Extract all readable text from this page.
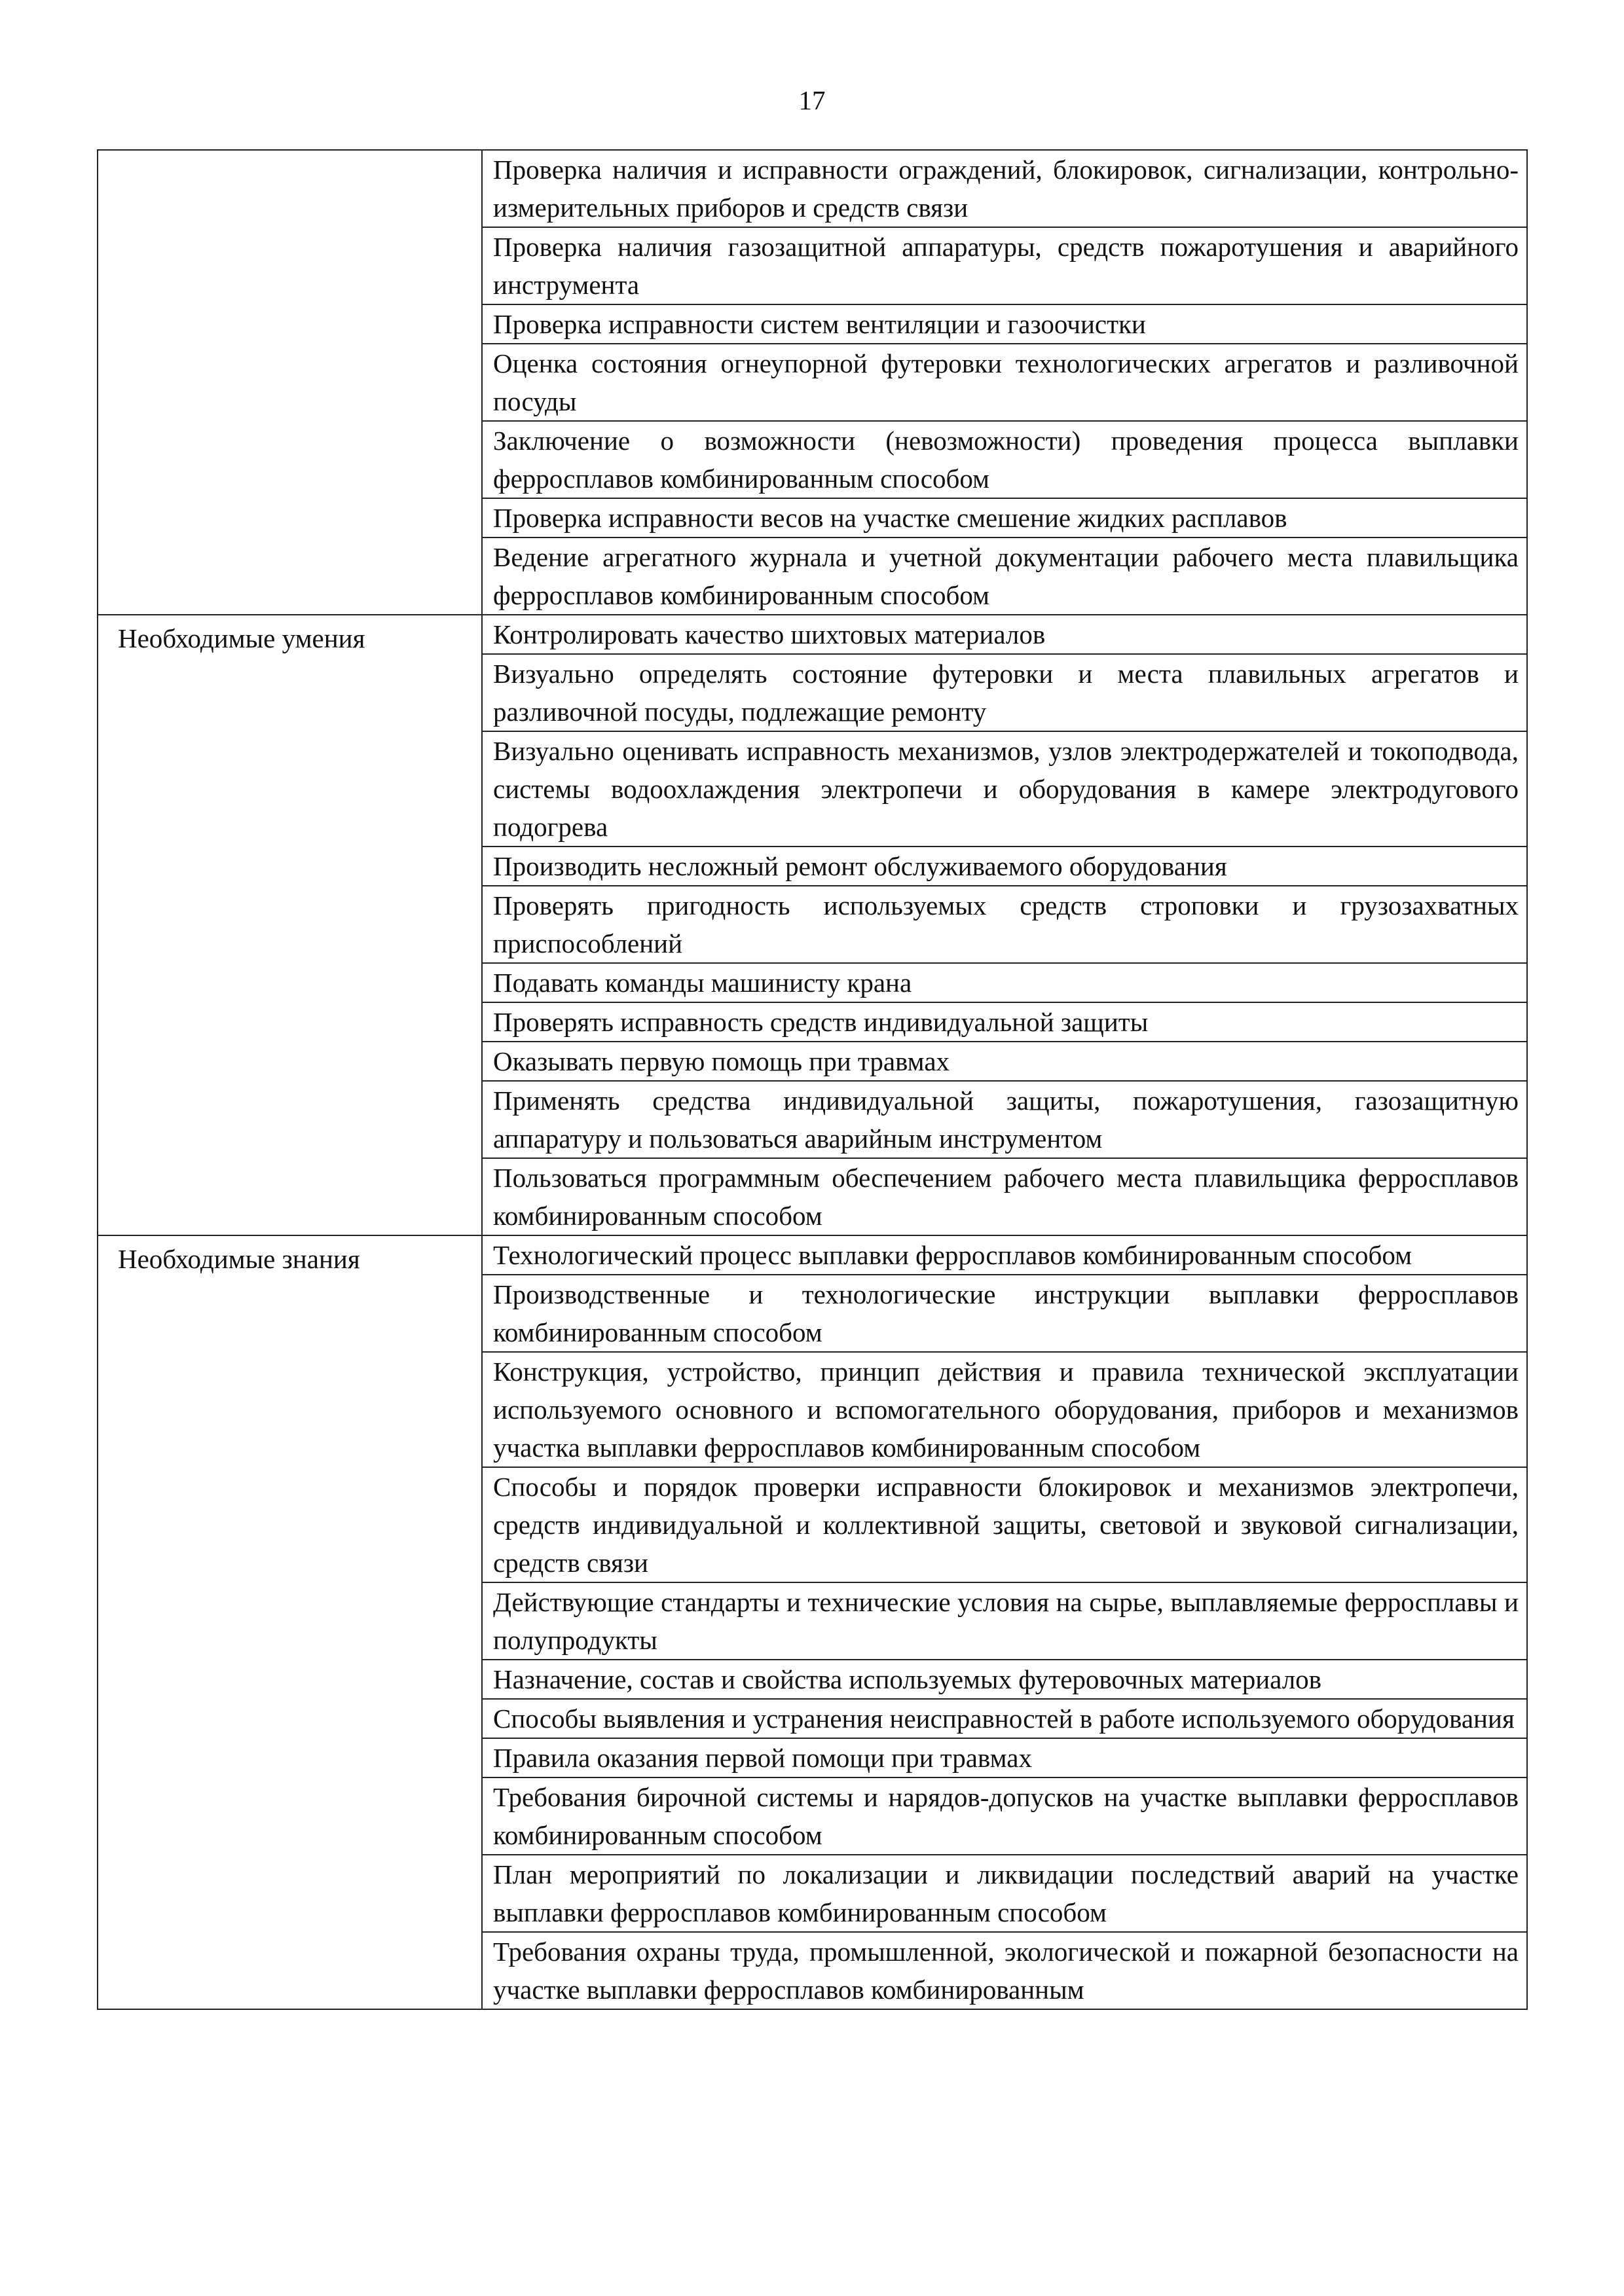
17
	Проверка наличия и исправности ограждений, блокировок, сигнализации, контрольно-измерительных приборов и средств связи
	Проверка наличия газозащитной аппаратуры, средств пожаротушения и аварийного инструмента
	Проверка исправности систем вентиляции и газоочистки
	Оценка состояния огнеупорной футеровки технологических агрегатов и разливочной посуды
	Заключение о возможности (невозможности) проведения процесса выплавки ферросплавов комбинированным способом
	Проверка исправности весов на участке смешение жидких расплавов
	Ведение агрегатного журнала и учетной документации рабочего места плавильщика ферросплавов комбинированным способом
Необходимые умения	Контролировать качество шихтовых материалов
	Визуально определять состояние футеровки и места плавильных агрегатов и разливочной посуды, подлежащие ремонту
	Визуально оценивать исправность механизмов, узлов электродержателей и токоподвода, системы водоохлаждения электропечи и оборудования в камере электродугового подогрева
	Производить несложный ремонт обслуживаемого оборудования
	Проверять пригодность используемых средств строповки и грузозахватных приспособлений
	Подавать команды машинисту крана
	Проверять исправность средств индивидуальной защиты
	Оказывать первую помощь при травмах
	Применять средства индивидуальной защиты, пожаротушения, газозащитную аппаратуру и пользоваться аварийным инструментом
	Пользоваться программным обеспечением рабочего места плавильщика ферросплавов комбинированным способом
Необходимые знания	Технологический процесс выплавки ферросплавов комбинированным способом
	Производственные и технологические инструкции выплавки ферросплавов комбинированным способом
	Конструкция, устройство, принцип действия и правила технической эксплуатации используемого основного и вспомогательного оборудования, приборов и механизмов участка выплавки ферросплавов комбинированным способом
	Способы и порядок проверки исправности блокировок и механизмов электропечи, средств индивидуальной и коллективной защиты, световой и звуковой сигнализации, средств связи
	Действующие стандарты и технические условия на сырье, выплавляемые ферросплавы и полупродукты
	Назначение, состав и свойства используемых футеровочных материалов
	Способы выявления и устранения неисправностей в работе используемого оборудования
	Правила оказания первой помощи при травмах
	Требования бирочной системы и нарядов-допусков на участке выплавки ферросплавов комбинированным способом
	План мероприятий по локализации и ликвидации последствий аварий на участке выплавки ферросплавов комбинированным способом
	Требования охраны труда, промышленной, экологической и пожарной безопасности на участке выплавки ферросплавов комбинированным
